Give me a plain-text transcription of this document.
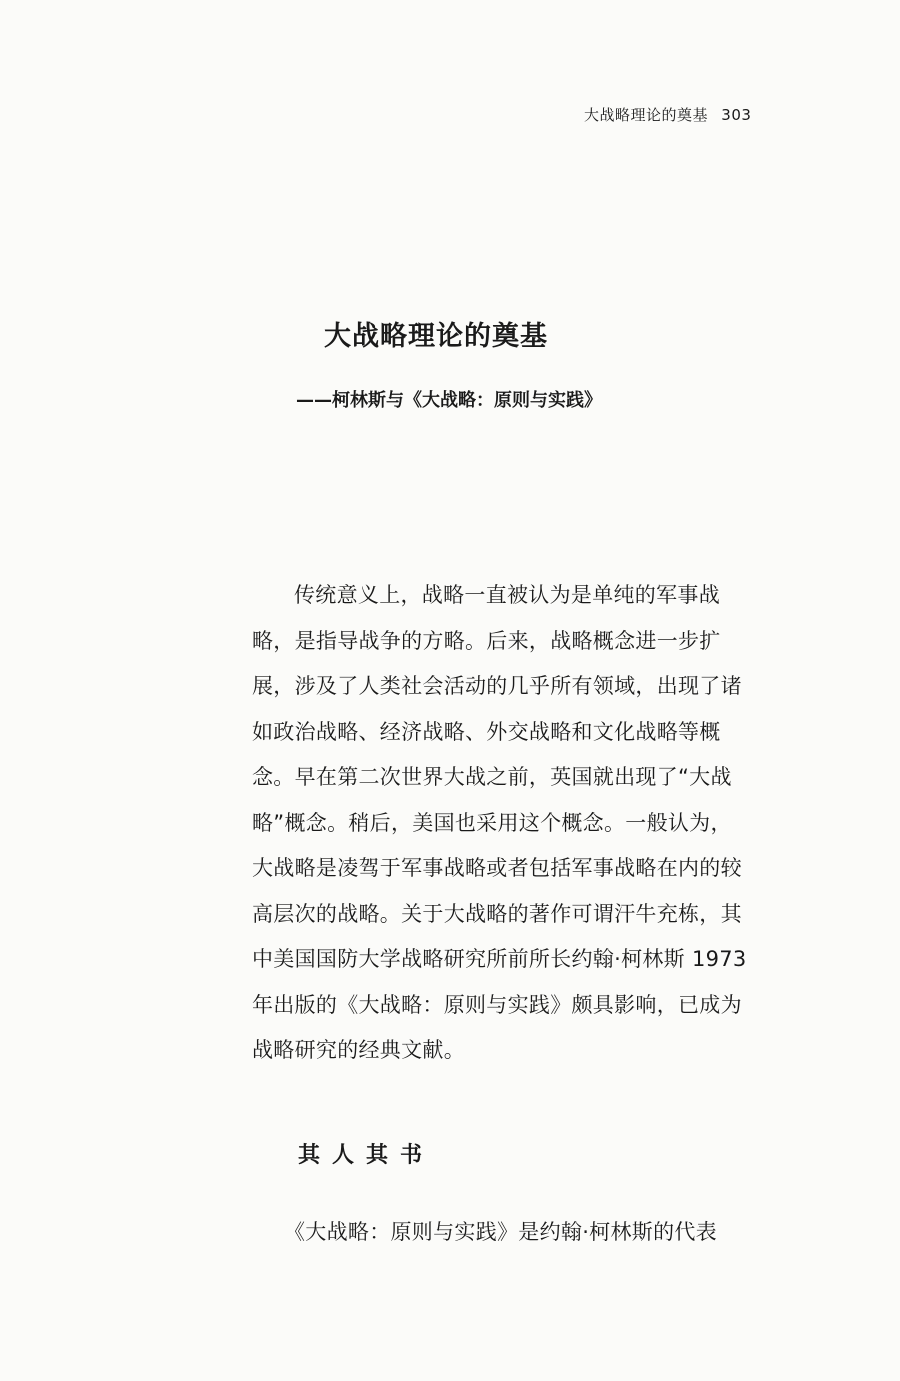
大战略理论的奠基 303
大战略理论的奠基
——柯林斯与《大战略：原则与实践》
传统意义上，战略一直被认为是单纯的军事战
略，是指导战争的方略。后来，战略概念进一步扩
展，涉及了人类社会活动的几乎所有领域，出现了诸
如政治战略、经济战略、外交战略和文化战略等概
念。早在第二次世界大战之前，英国就出现了“大战
略”概念。稍后，美国也采用这个概念。一般认为，
大战略是凌驾于军事战略或者包括军事战略在内的较
高层次的战略。关于大战略的著作可谓汗牛充栋，其
中美国国防大学战略研究所前所长约翰·柯林斯 1973
年出版的《大战略：原则与实践》颇具影响，已成为
战略研究的经典文献。
其人其书
《大战略：原则与实践》是约翰·柯林斯的代表
